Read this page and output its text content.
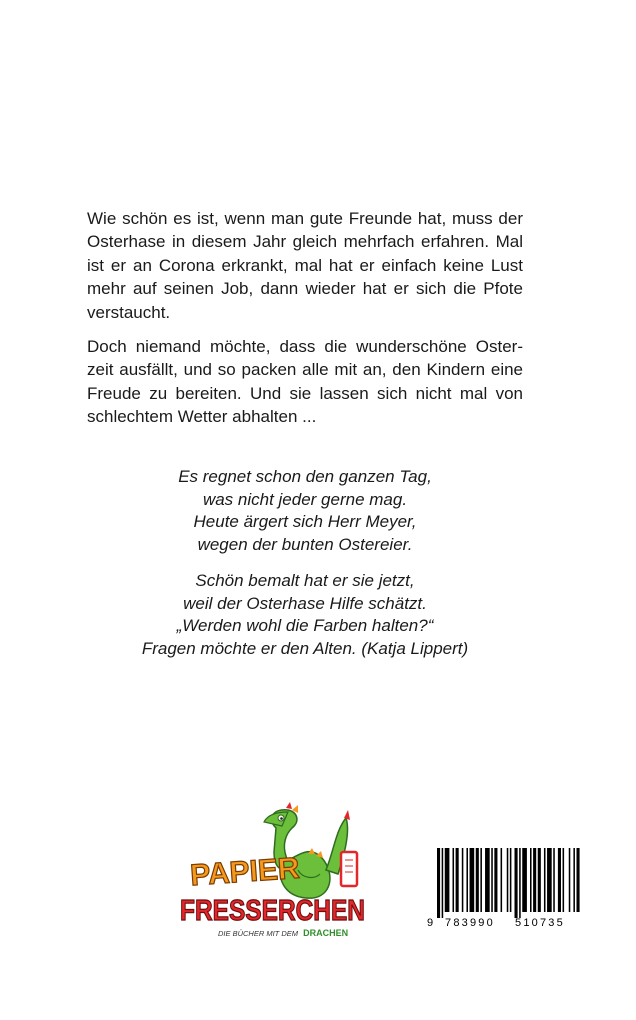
Wie schön es ist, wenn man gute Freunde hat, muss der
Osterhase in diesem Jahr gleich mehrfach erfahren. Mal
ist er an Corona erkrankt, mal hat er einfach keine Lust
mehr auf seinen Job, dann wieder hat er sich die Pfote
verstaucht.

Doch niemand möchte, dass die wunderschöne Oster-
zeit ausfällt, und so packen alle mit an, den Kindern eine
Freude zu bereiten. Und sie lassen sich nicht mal von
schlechtem Wetter abhalten ...

Es regnet schon den ganzen Tag,
was nicht jeder gerne mag.
Heute ärgert sich Herr Meyer,
wegen der bunten Ostereier.

Schön bemalt hat er sie jetzt,
weil der Osterhase Hilfe schätzt.
„Werden wohl die Farben halten?“
Fragen möchte er den Alten. (Katja Lippert)

PAPIER
FRESSERCHEN
DIE BÜCHER MIT DEM DRACHEN
9 783990 510735
